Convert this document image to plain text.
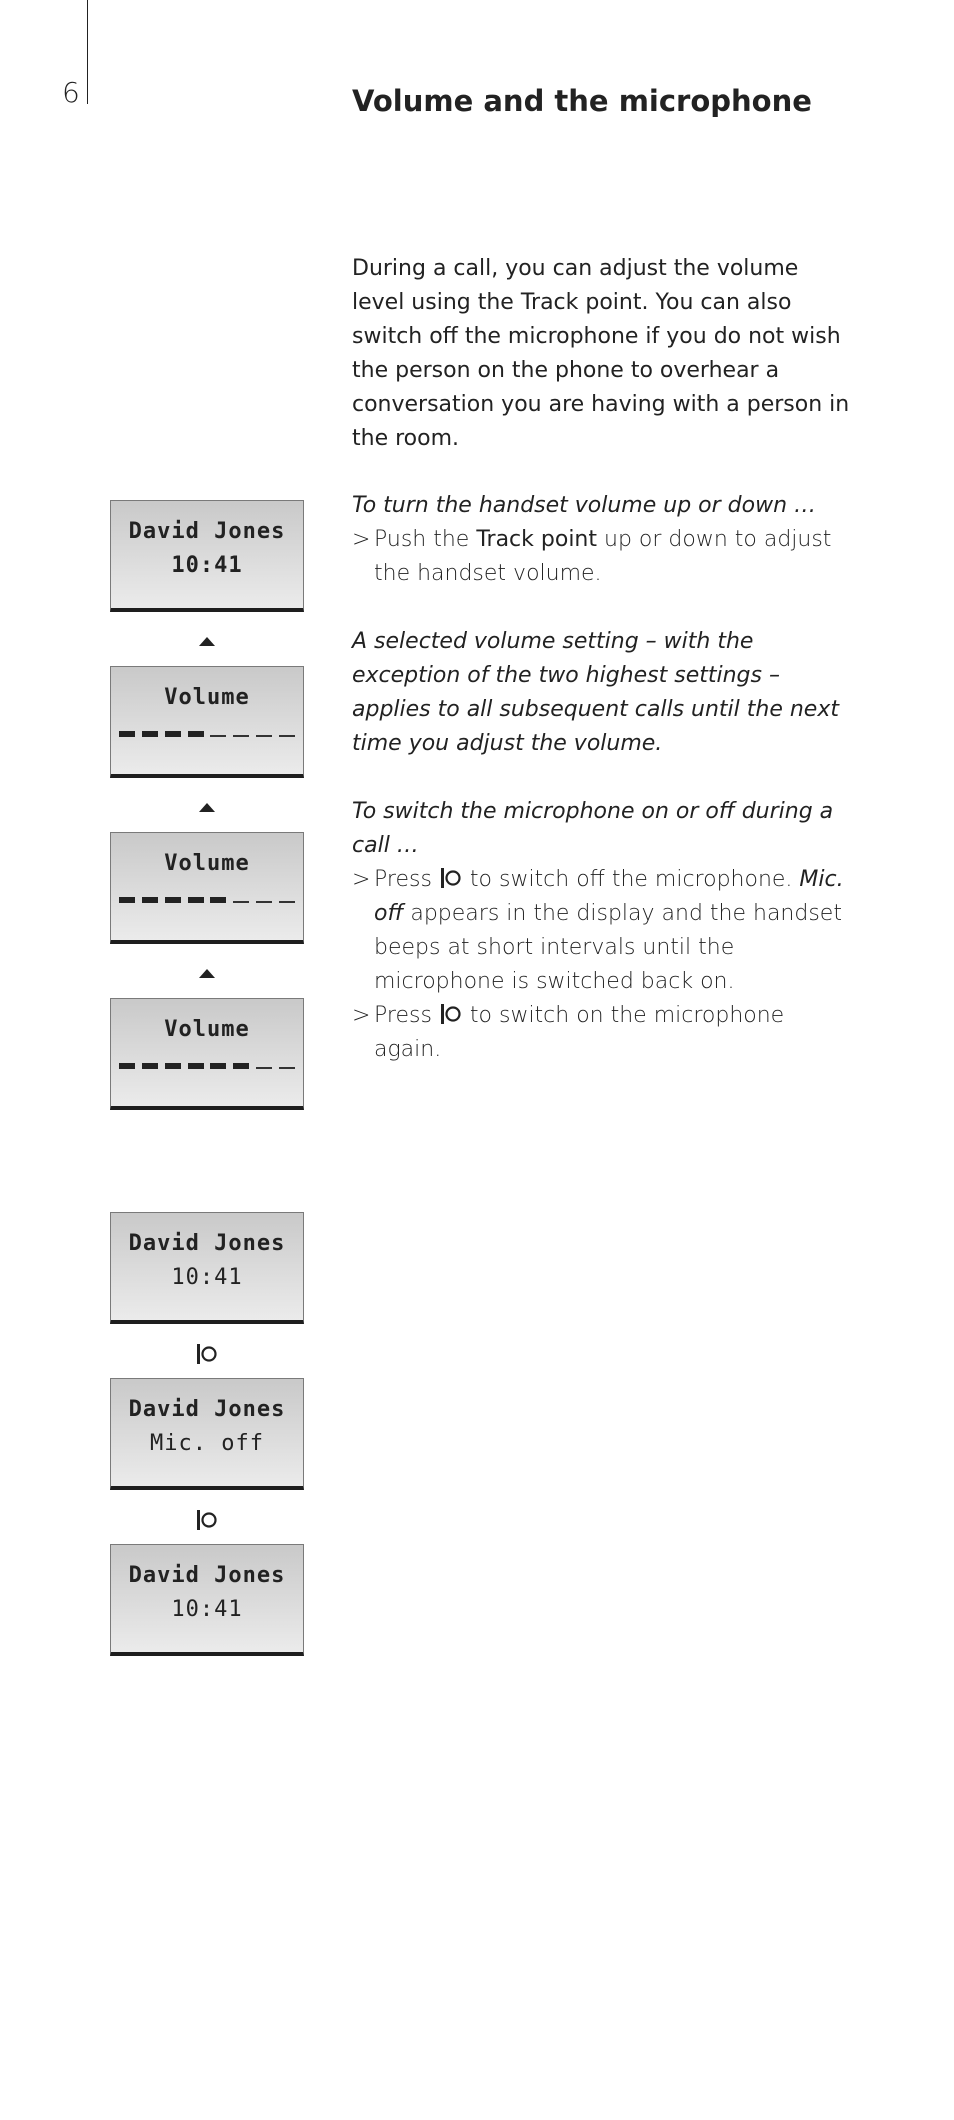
6	Volume and the microphone

During a call, you can adjust the volume level using the Track point. You can also switch off the microphone if you do not wish the person on the phone to overhear a conversation you are having with a person in the room.

To turn the handset volume up or down …

> Push the Track point up or down to adjust the handset volume.

A selected volume setting – with the exception of the two highest settings – applies to all subsequent calls until the next time you adjust the volume.

To switch the microphone on or off during a call …

> Press to switch off the microphone. Mic. off appears in the display and the handset beeps at short intervals until the microphone is switched back on.

> Press to switch on the microphone again.

David Jones
10:41
Volume
Volume
Volume
David Jones
10:41
David Jones
Mic. off
David Jones
10:41
